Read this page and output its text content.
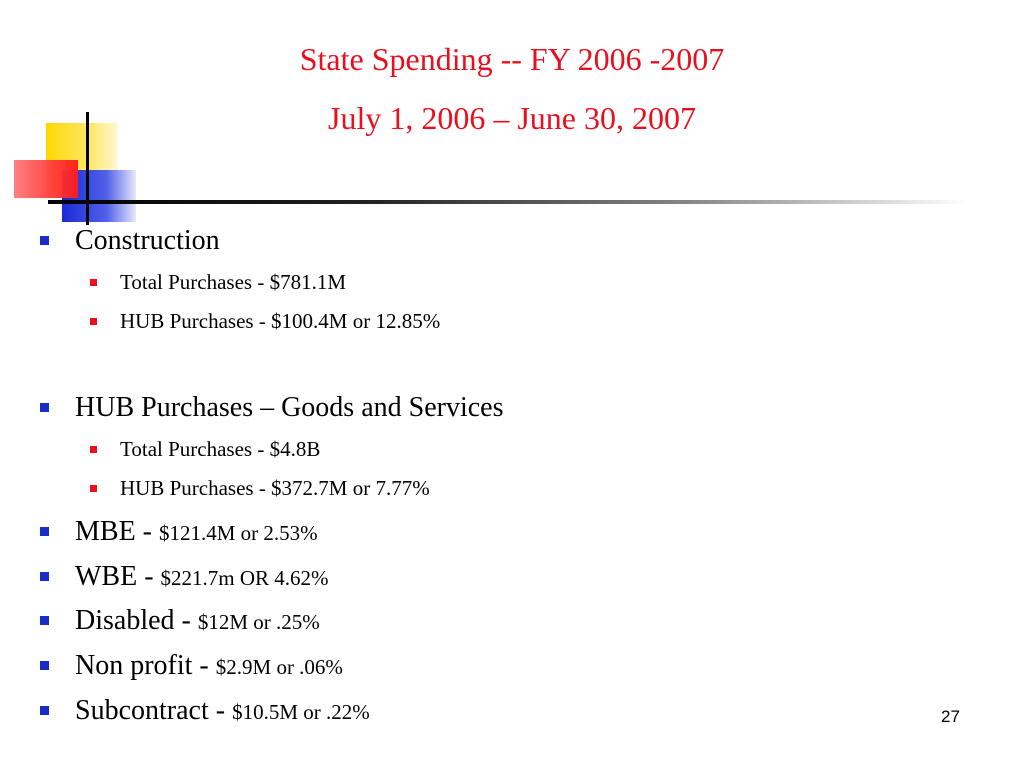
State Spending -- FY 2006 -2007
July 1, 2006 – June 30, 2007
Construction
Total Purchases - $781.1M
HUB Purchases - $100.4M or 12.85%
HUB Purchases – Goods and Services
Total Purchases - $4.8B
HUB Purchases - $372.7M or 7.77%
MBE - $121.4M or 2.53%
WBE - $221.7m OR 4.62%
Disabled - $12M or .25%
Non profit - $2.9M or .06%
Subcontract - $10.5M or .22%	27
